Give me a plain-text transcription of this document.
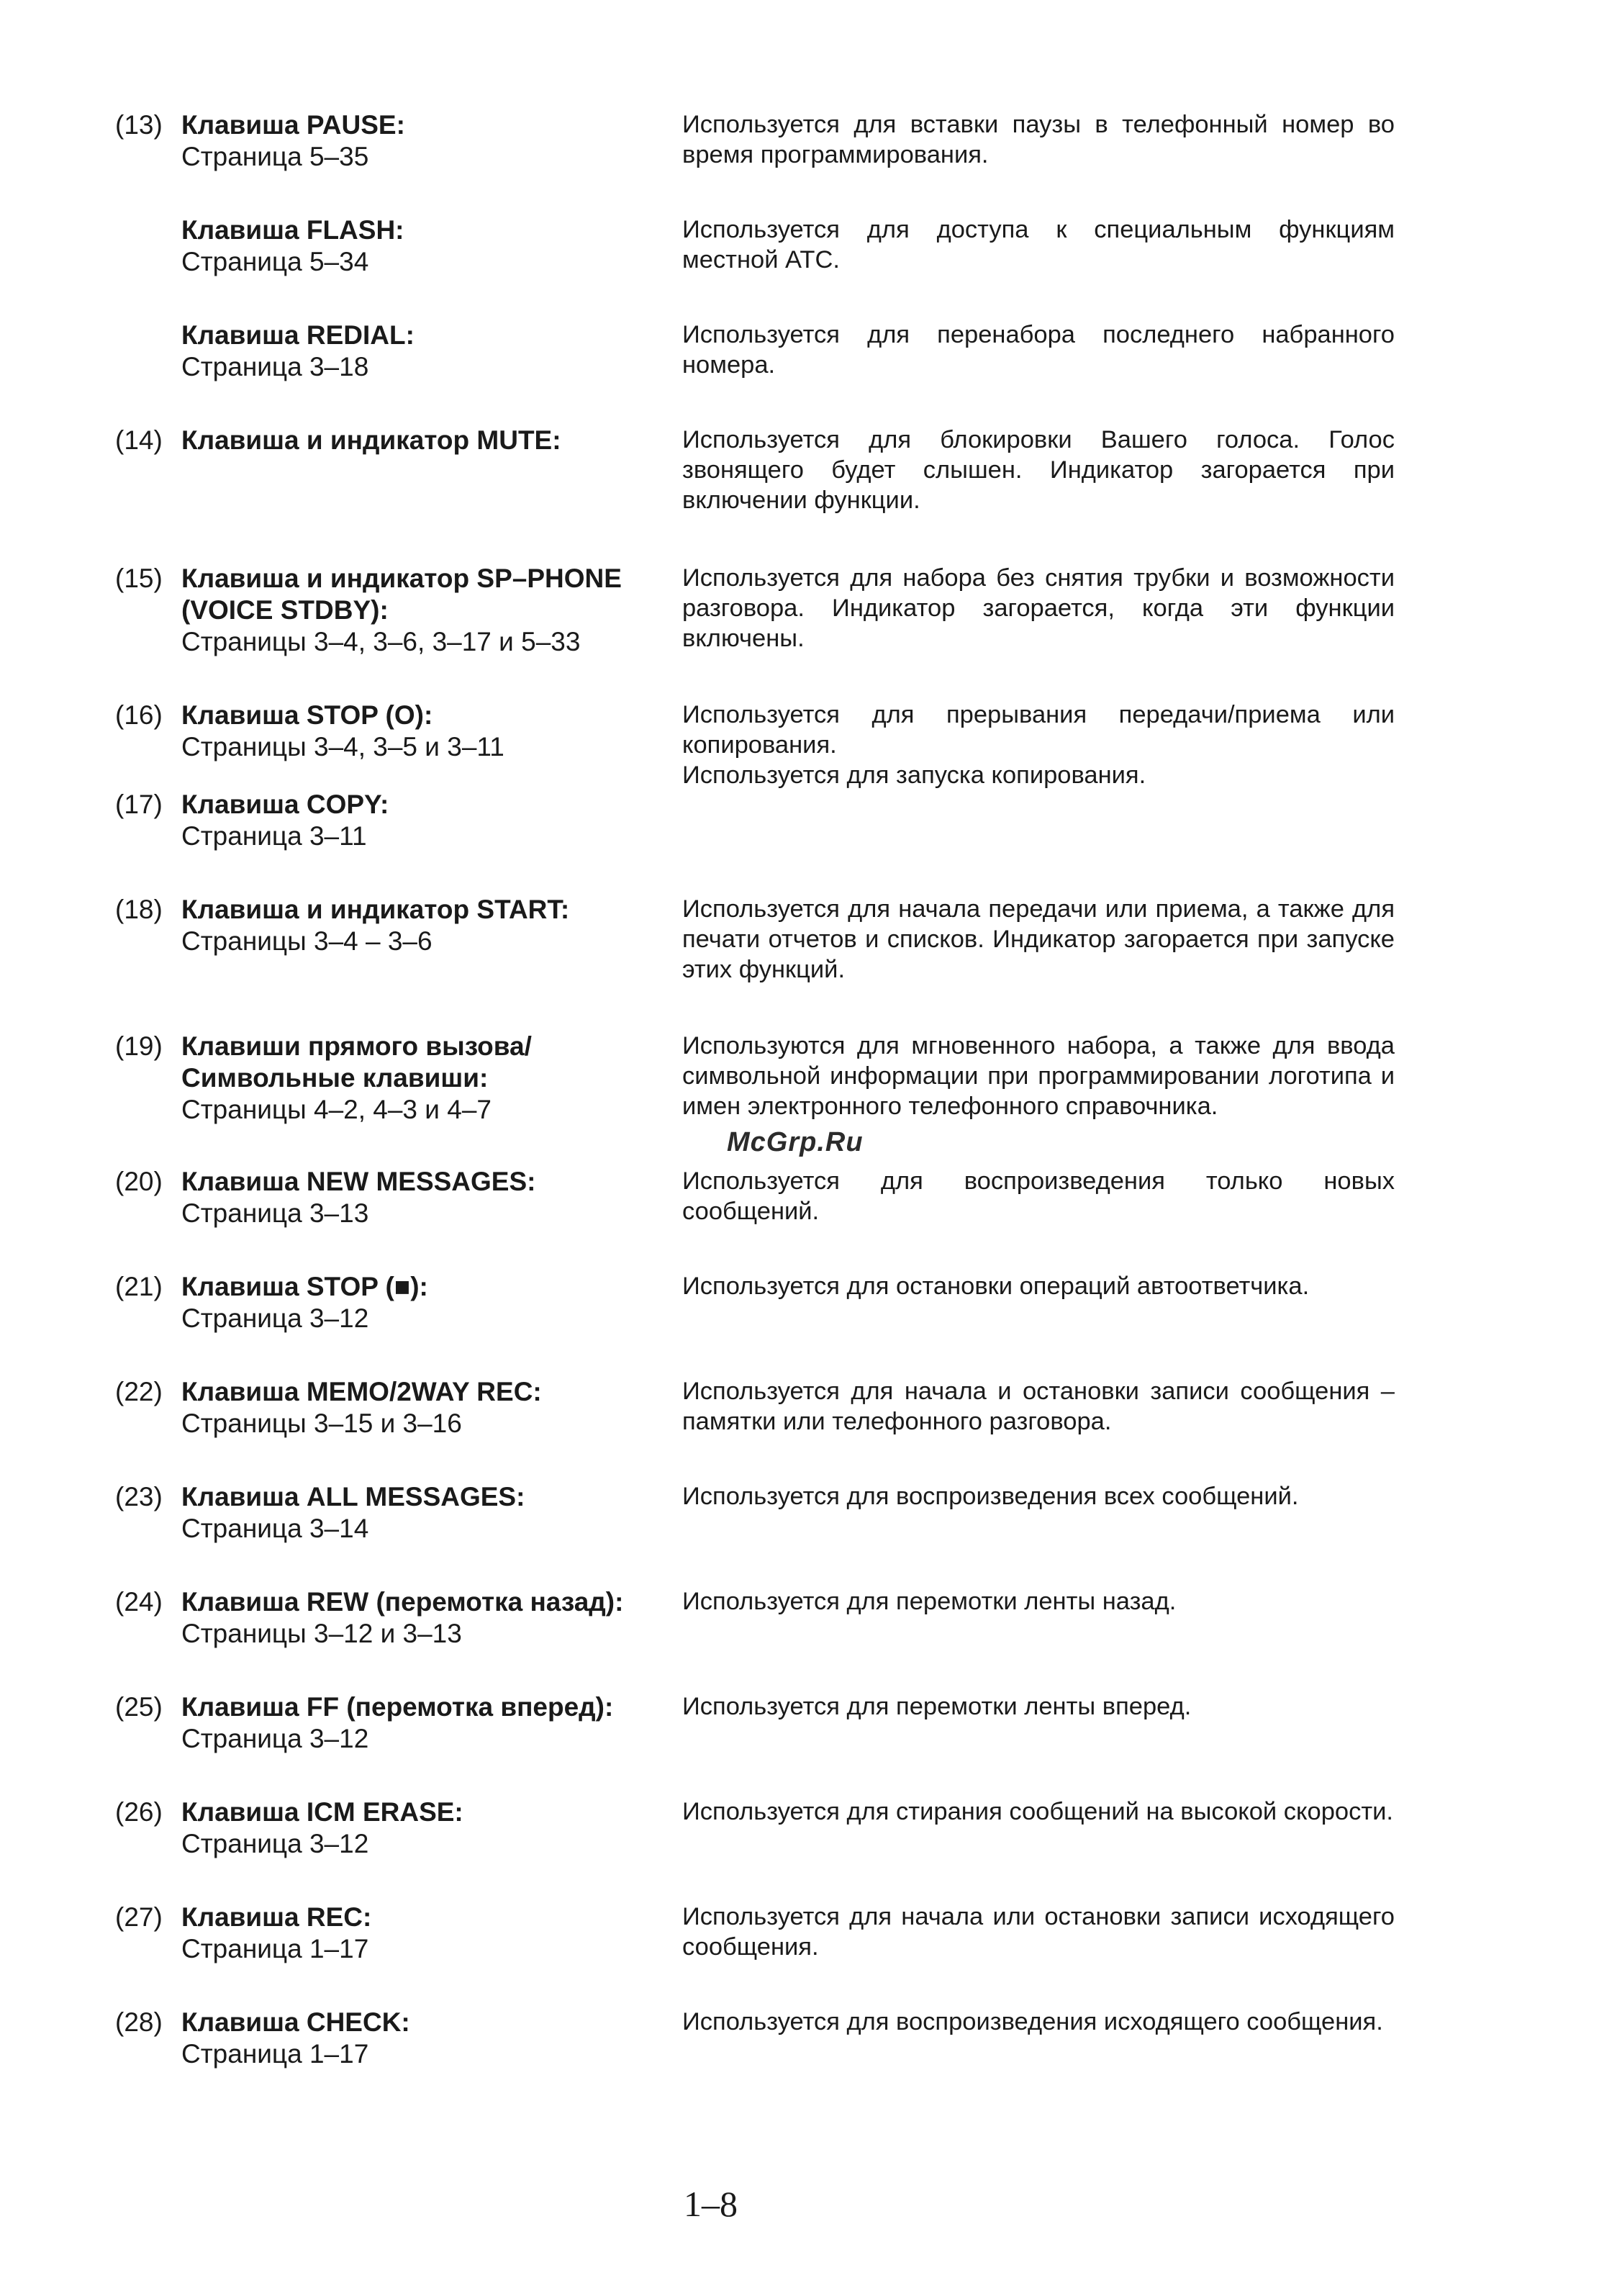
(13) Клавиша PAUSE:
Страница 5–35

Используется для вставки паузы в телефонный номер во время программирования.

Клавиша FLASH:
Страница 5–34

Используется для доступа к специальным функциям местной АТС.

Клавиша REDIAL:
Страница 3–18

Используется для перенабора последнего набранного номера.

(14) Клавиша и индикатор MUTE:	Используется для блокировки Вашего голоса. Голос звонящего будет слышен. Индикатор загорается при включении функции.

(15) Клавиша и индикатор SP–PHONE (VOICE STDBY):
Страницы 3–4, 3–6, 3–17 и 5–33

Используется для набора без снятия трубки и возможности разговора. Индикатор загорается, когда эти функции включены.

(16) Клавиша STOP (O):
Страницы 3–4, 3–5 и 3–11

Используется для прерывания передачи/приема или копирования.

Используется для запуска копирования.

(17) Клавиша COPY:
Страница 3–11
(18) Клавиша и индикатор START:
Страницы 3–4 – 3–6

Используется для начала передачи или приема, а также для печати отчетов и списков. Индикатор загорается при запуске этих функций.

(19) Клавиши прямого вызова/ Символьные клавиши:
Страницы 4–2, 4–3 и 4–7

Используются для мгновенного набора, а также для ввода символьной информации при программировании логотипа и имен электронного телефонного справочника.

McGrp.Ru
(20) Клавиша NEW MESSAGES:
Страница 3–13

Используется для воспроизведения только новых сообщений.

(21) Клавиша STOP (■):
Страница 3–12

Используется для остановки операций автоответчика.

(22) Клавиша MEMO/2WAY REC:
Страницы 3–15 и 3–16

Используется для начала и остановки записи сообщения – памятки или телефонного разговора.

(23) Клавиша ALL MESSAGES:
Страница 3–14

Используется для воспроизведения всех сообщений.

(24) Клавиша REW (перемотка назад):
Страницы 3–12 и 3–13

Используется для перемотки ленты назад.

(25) Клавиша FF (перемотка вперед):
Страница 3–12

Используется для перемотки ленты вперед.

(26) Клавиша ICM ERASE:
Страница 3–12

Используется для стирания сообщений на высокой скорости.

(27) Клавиша REC:
Страница 1–17

Используется для начала или остановки записи исходящего сообщения.

(28) Клавиша CHECK:
Страница 1–17

Используется для воспроизведения исходящего сообщения.

1–8
